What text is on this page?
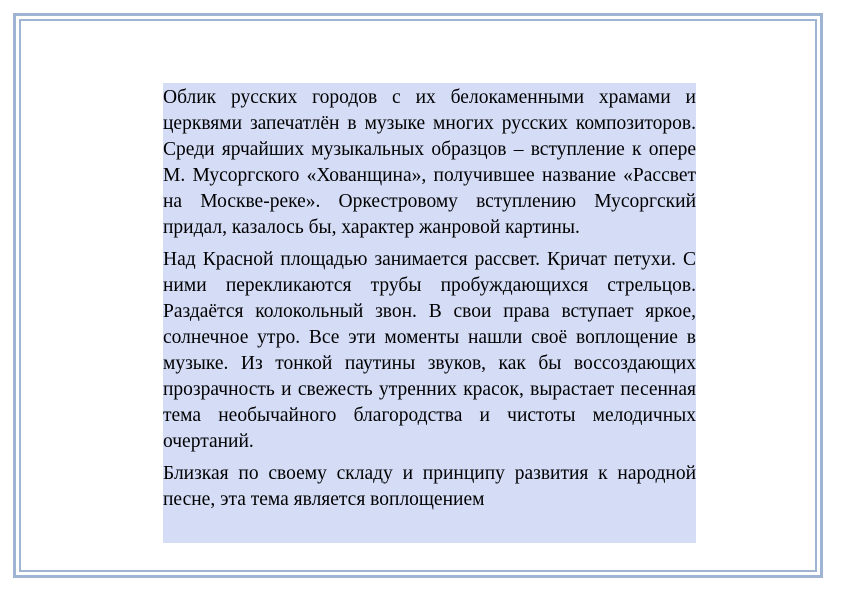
Облик русских городов с их белокаменными храмами и церквями запечатлён в музыке многих русских композиторов. Среди ярчайших музыкальных образцов – вступление к опере М. Мусоргского «Хованщина», получившее название «Рассвет на Москве-реке». Оркестровому вступлению Мусоргский придал, казалось бы, характер жанровой картины.

Над Красной площадью занимается рассвет. Кричат петухи. С ними перекликаются трубы пробуждающихся стрельцов. Раздаётся колокольный звон. В свои права вступает яркое, солнечное утро. Все эти моменты нашли своё воплощение в музыке. Из тонкой паутины звуков, как бы воссоздающих прозрачность и свежесть утренних красок, вырастает песенная тема необычайного благородства и чистоты мелодичных очертаний.

Близкая по своему складу и принципу развития к народной песне, эта тема является воплощением
